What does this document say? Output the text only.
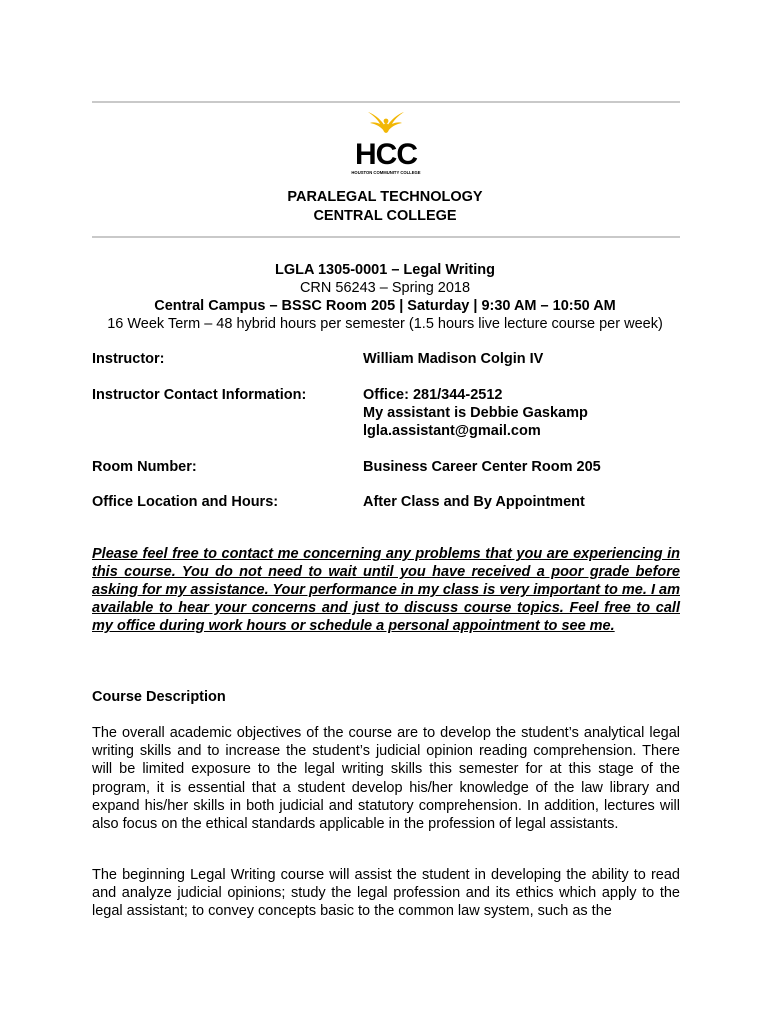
HCC
HOUSTON COMMUNITY COLLEGE
PARALEGAL TECHNOLOGY
CENTRAL COLLEGE
LGLA 1305-0001 – Legal Writing
CRN 56243 – Spring 2018
Central Campus – BSSC Room 205 | Saturday | 9:30 AM – 10:50 AM
16 Week Term – 48 hybrid hours per semester (1.5 hours live lecture course per week)
Instructor:	William Madison Colgin IV
Instructor Contact Information:	Office: 281/344-2512
My assistant is Debbie Gaskamp
lgla.assistant@gmail.com
Room Number:	Business Career Center Room 205
Office Location and Hours:	After Class and By Appointment
Please feel free to contact me concerning any problems that you are experiencing in this course. You do not need to wait until you have received a poor grade before asking for my assistance. Your performance in my class is very important to me. I am available to hear your concerns and just to discuss course topics. Feel free to call my office during work hours or schedule a personal appointment to see me.
Course Description
The overall academic objectives of the course are to develop the student’s analytical legal writing skills and to increase the student’s judicial opinion reading comprehension. There will be limited exposure to the legal writing skills this semester for at this stage of the program, it is essential that a student develop his/her knowledge of the law library and expand his/her skills in both judicial and statutory comprehension. In addition, lectures will also focus on the ethical standards applicable in the profession of legal assistants.
The beginning Legal Writing course will assist the student in developing the ability to read and analyze judicial opinions; study the legal profession and its ethics which apply to the legal assistant; to convey concepts basic to the common law system, such as the
